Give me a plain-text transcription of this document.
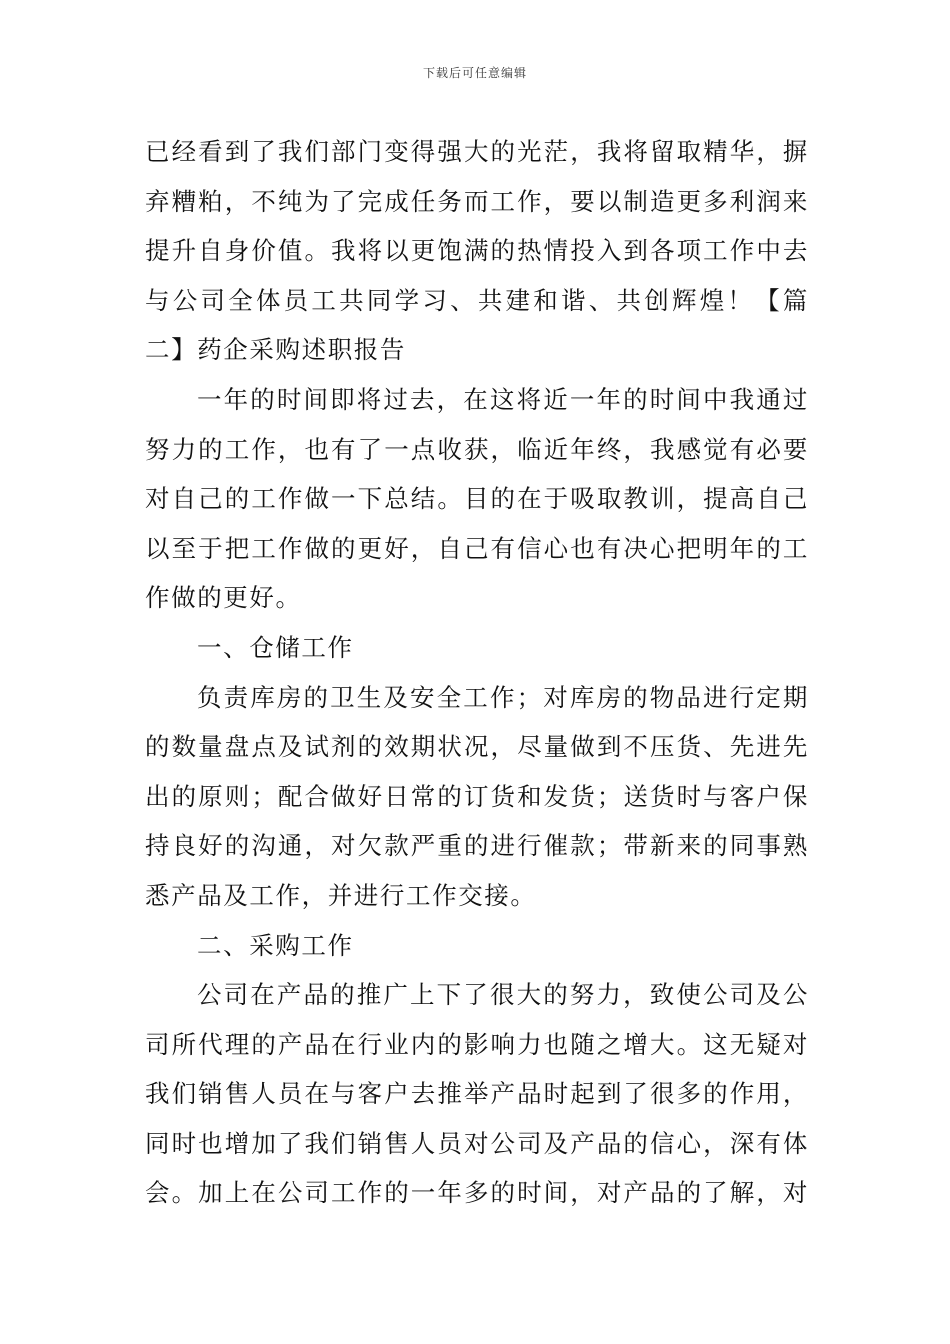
下载后可任意编辑
已经看到了我们部门变得强大的光茫，我将留取精华，摒
弃糟粕，不纯为了完成任务而工作，要以制造更多利润来
提升自身价值。我将以更饱满的热情投入到各项工作中去
与公司全体员工共同学习、共建和谐、共创辉煌！【篇
二】药企采购述职报告
一年的时间即将过去，在这将近一年的时间中我通过
努力的工作，也有了一点收获，临近年终，我感觉有必要
对自己的工作做一下总结。目的在于吸取教训，提高自己
以至于把工作做的更好，自己有信心也有决心把明年的工
作做的更好。
一、仓储工作
负责库房的卫生及安全工作；对库房的物品进行定期
的数量盘点及试剂的效期状况，尽量做到不压货、先进先
出的原则；配合做好日常的订货和发货；送货时与客户保
持良好的沟通，对欠款严重的进行催款；带新来的同事熟
悉产品及工作，并进行工作交接。
二、采购工作
公司在产品的推广上下了很大的努力，致使公司及公
司所代理的产品在行业内的影响力也随之增大。这无疑对
我们销售人员在与客户去推举产品时起到了很多的作用，
同时也增加了我们销售人员对公司及产品的信心，深有体
会。加上在公司工作的一年多的时间，对产品的了解，对
